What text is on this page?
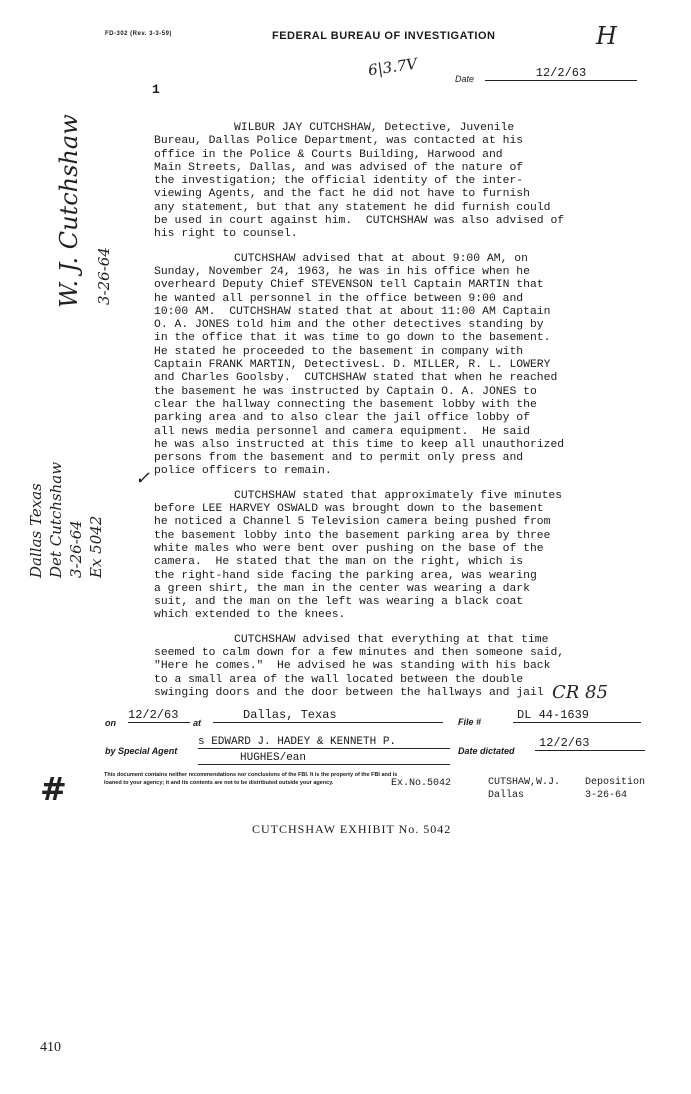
FD-302 (Rev. 3-3-59)	FEDERAL BUREAU OF INVESTIGATION	H
6|3.7V
1
Date	12/2/63
W. J. Cutchshaw 3-26-64
Dallas Texas Det Cutchshaw 3-26-64 Ex 5042
✓

WILBUR JAY CUTCHSHAW, Detective, Juvenile
Bureau, Dallas Police Department, was contacted at his
office in the Police & Courts Building, Harwood and
Main Streets, Dallas, and was advised of the nature of
the investigation; the official identity of the inter-
viewing Agents, and the fact he did not have to furnish
any statement, but that any statement he did furnish could
be used in court against him.  CUTCHSHAW was also advised of
his right to counsel.

CUTCHSHAW advised that at about 9:00 AM, on
Sunday, November 24, 1963, he was in his office when he
overheard Deputy Chief STEVENSON tell Captain MARTIN that
he wanted all personnel in the office between 9:00 and
10:00 AM.  CUTCHSHAW stated that at about 11:00 AM Captain
O. A. JONES told him and the other detectives standing by
in the office that it was time to go down to the basement.
He stated he proceeded to the basement in company with
Captain FRANK MARTIN, DetectivesL. D. MILLER, R. L. LOWERY
and Charles Goolsby.  CUTCHSHAW stated that when he reached
the basement he was instructed by Captain O. A. JONES to
clear the hallway connecting the basement lobby with the
parking area and to also clear the jail office lobby of
all news media personnel and camera equipment.  He said
he was also instructed at this time to keep all unauthorized
persons from the basement and to permit only press and
police officers to remain.

CUTCHSHAW stated that approximately five minutes
before LEE HARVEY OSWALD was brought down to the basement
he noticed a Channel 5 Television camera being pushed from
the basement lobby into the basement parking area by three
white males who were bent over pushing on the base of the
camera.  He stated that the man on the right, which is
the right-hand side facing the parking area, was wearing
a green shirt, the man in the center was wearing a dark
suit, and the man on the left was wearing a black coat
which extended to the knees.

CUTCHSHAW advised that everything at that time
seemed to calm down for a few minutes and then someone said,
"Here he comes."  He advised he was standing with his back
to a small area of the wall located between the double
swinging doors and the door between the hallways and jail CR 85
on
12/2/63
at
Dallas, Texas	File #	DL 44-1639
by Special Agent
s EDWARD J. HADEY & KENNETH P.
HUGHES/ean
Date dictated
12/2/63
This document contains neither recommendations nor conclusions of the FBI. It is the property of the FBI and is loaned to your agency; it and its contents are not to be distributed outside your agency.	Ex.No.5042	CUTSHAW,W.J.
Dallas
Deposition
3-26-64
#
CUTCHSHAW EXHIBIT No. 5042
410
